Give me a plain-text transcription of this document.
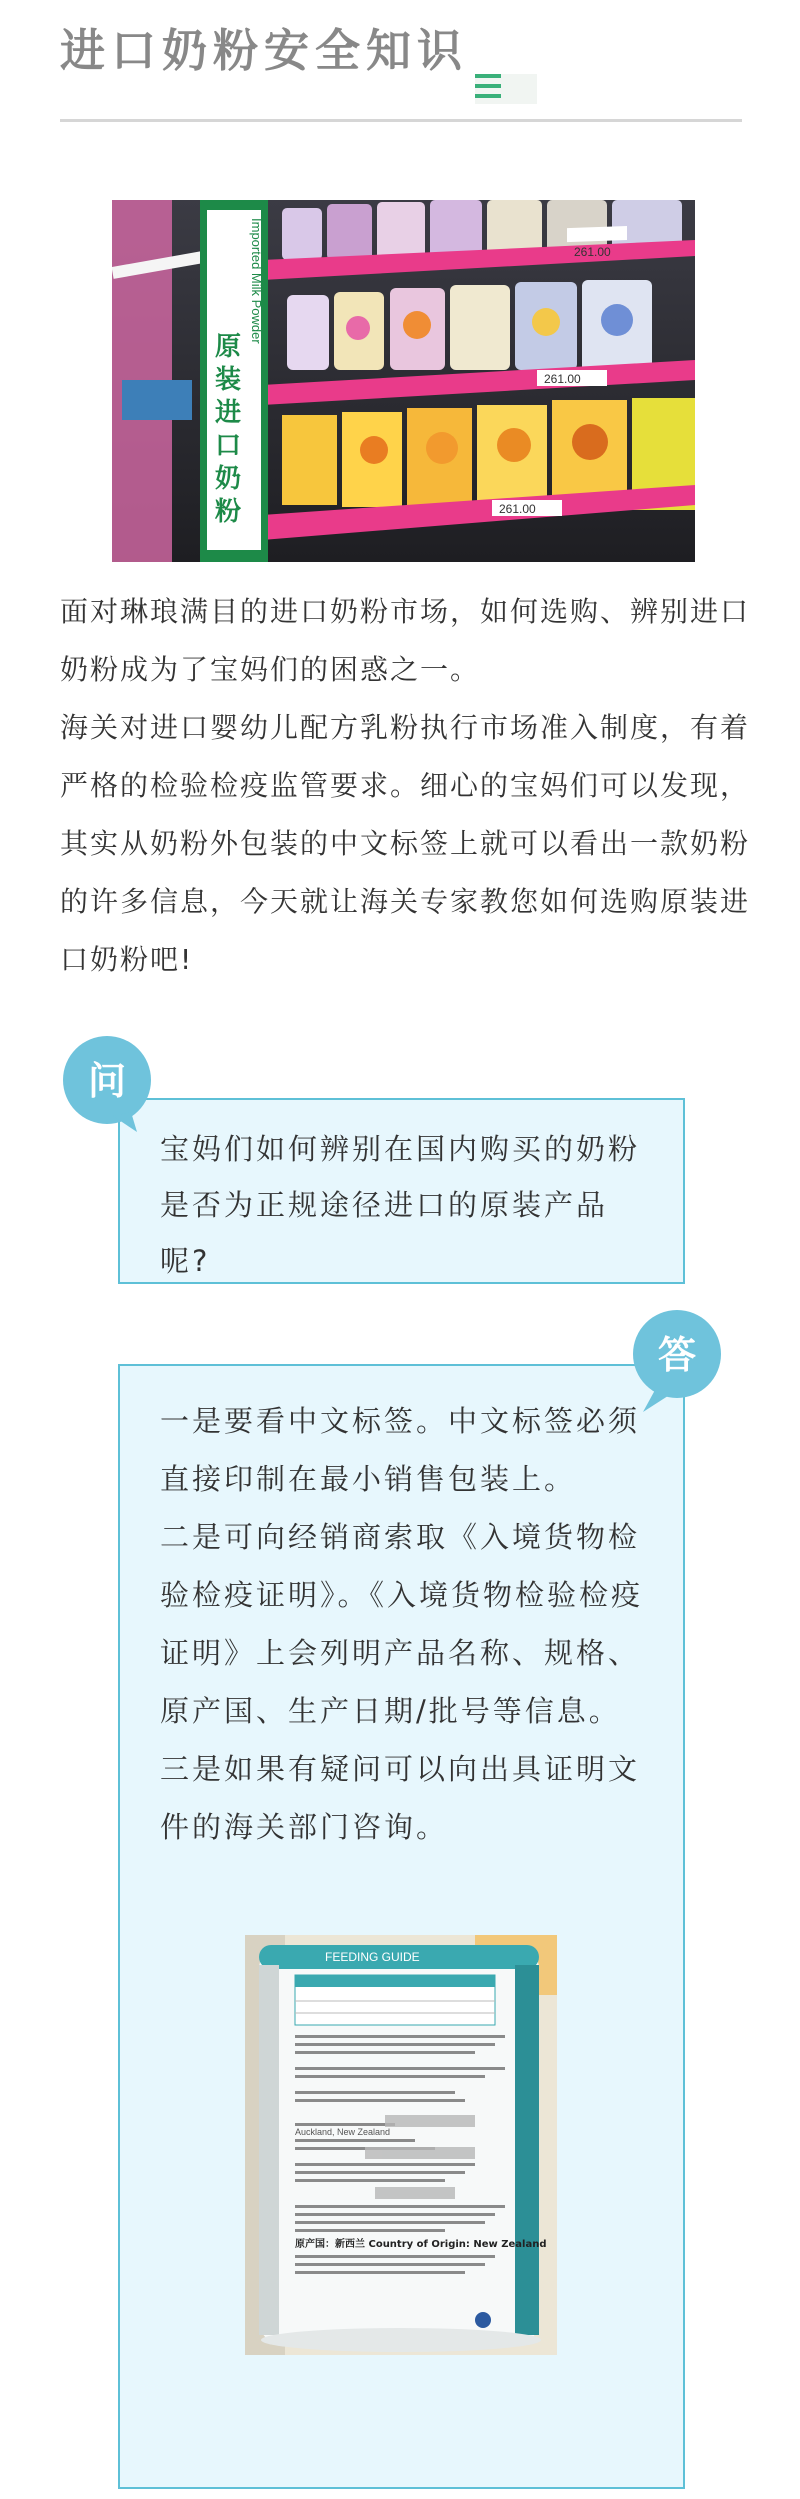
进口奶粉安全知识
261.00
261.00
261.00
Imported Milk Powder
原
装
进
口
奶
粉

面对琳琅满目的进口奶粉市场，如何选购、辨别进口奶粉成为了宝妈们的困惑之一。

海关对进口婴幼儿配方乳粉执行市场准入制度，有着严格的检验检疫监管要求。细心的宝妈们可以发现，其实从奶粉外包装的中文标签上就可以看出一款奶粉的许多信息，今天就让海关专家教您如何选购原装进口奶粉吧!

宝妈们如何辨别在国内购买的奶粉是否为正规途径进口的原装产品呢?

问
答
一是要看中文标签。中文标签必须直接印制在最小销售包装上。
二是可向经销商索取《入境货物检验检疫证明》。《入境货物检验检疫证明》上会列明产品名称、规格、原产国、生产日期/批号等信息。
三是如果有疑问可以向出具证明文件的海关部门咨询。
FEEDING GUIDE
Auckland, New Zealand
原产国：新西兰 Country of Origin: New Zealand
